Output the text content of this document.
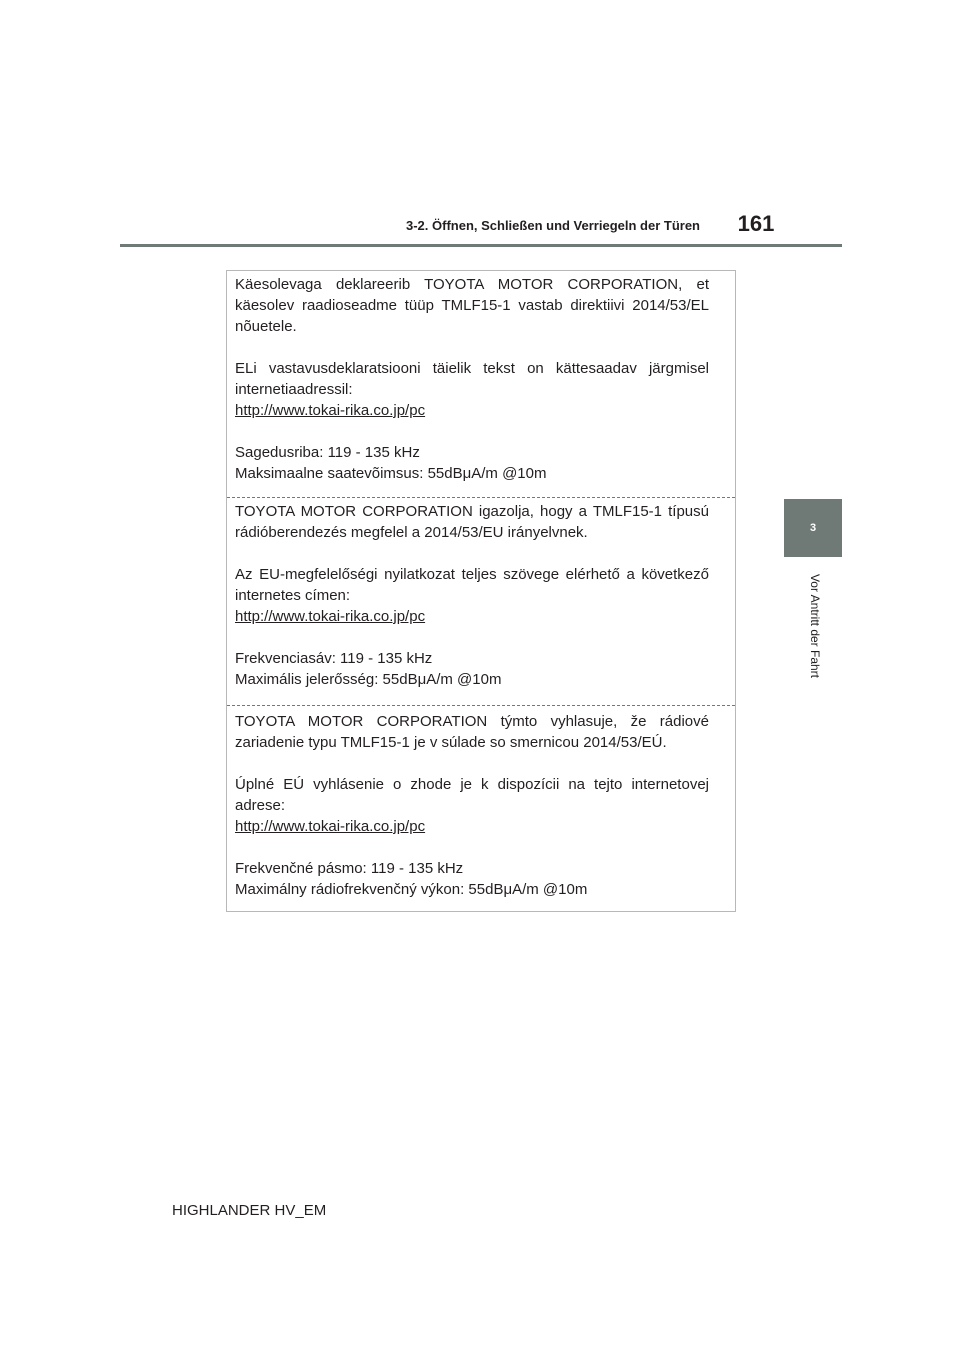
3-2. Öffnen, Schließen und Verriegeln der Türen	161
3
Vor Antritt der Fahrt

Käesolevaga deklareerib TOYOTA MOTOR CORPORATION, et käesolev raadioseadme tüüp TMLF15-1 vastab direktiivi 2014/53/EL nõuetele.

ELi vastavusdeklaratsiooni täielik tekst on kättesaadav järgmisel internetiaadressil:
http://www.tokai-rika.co.jp/pc

Sagedusriba: 119 - 135 kHz
Maksimaalne saatevõimsus: 55dBμA/m @10m

TOYOTA MOTOR CORPORATION igazolja, hogy a TMLF15-1 típusú rádióberendezés megfelel a 2014/53/EU irányelvnek.

Az EU-megfelelőségi nyilatkozat teljes szövege elérhető a következő internetes címen:
http://www.tokai-rika.co.jp/pc

Frekvenciasáv: 119 - 135 kHz
Maximális jelerősség: 55dBμA/m @10m

TOYOTA MOTOR CORPORATION týmto vyhlasuje, že rádiové zariadenie typu TMLF15-1 je v súlade so smernicou 2014/53/EÚ.

Úplné EÚ vyhlásenie o zhode je k dispozícii na tejto internetovej adrese:
http://www.tokai-rika.co.jp/pc

Frekvenčné pásmo: 119 - 135 kHz
Maximálny rádiofrekvenčný výkon: 55dBμA/m @10m

HIGHLANDER HV_EM
